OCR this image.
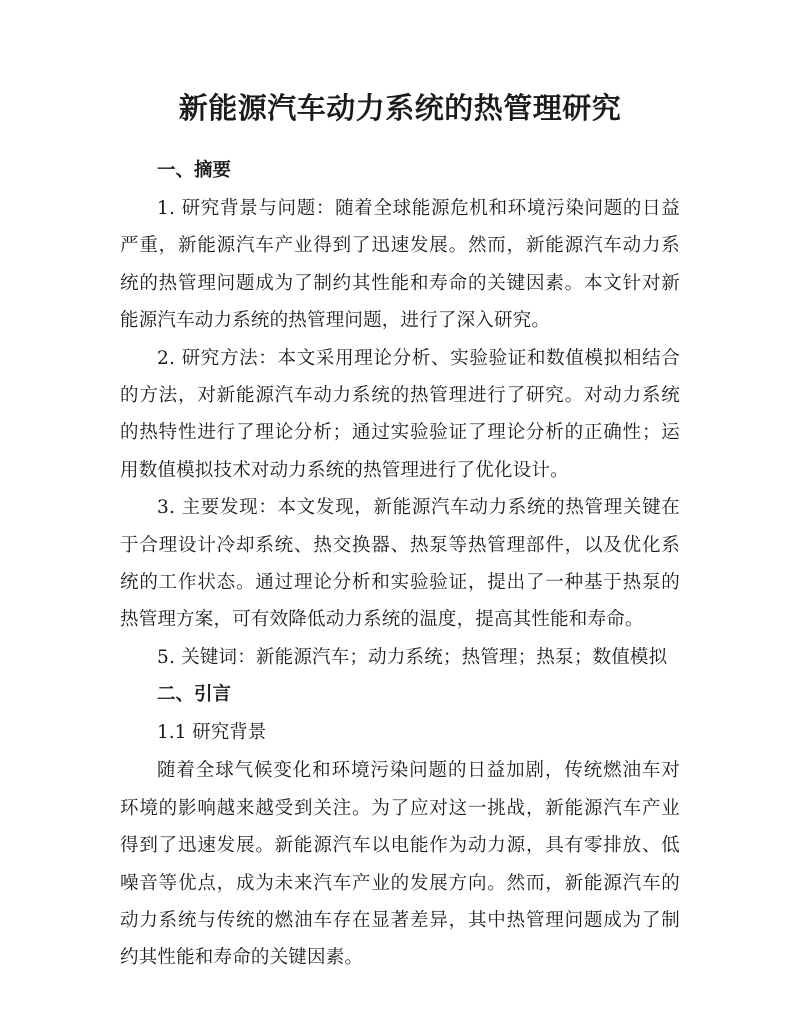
新能源汽车动力系统的热管理研究

一、摘要

1. 研究背景与问题：随着全球能源危机和环境污染问题的日益严重，新能源汽车产业得到了迅速发展。然而，新能源汽车动力系统的热管理问题成为了制约其性能和寿命的关键因素。本文针对新能源汽车动力系统的热管理问题，进行了深入研究。

2. 研究方法：本文采用理论分析、实验验证和数值模拟相结合的方法，对新能源汽车动力系统的热管理进行了研究。对动力系统的热特性进行了理论分析；通过实验验证了理论分析的正确性；运用数值模拟技术对动力系统的热管理进行了优化设计。

3. 主要发现：本文发现，新能源汽车动力系统的热管理关键在于合理设计冷却系统、热交换器、热泵等热管理部件，以及优化系统的工作状态。通过理论分析和实验验证，提出了一种基于热泵的热管理方案，可有效降低动力系统的温度，提高其性能和寿命。

5. 关键词：新能源汽车；动力系统；热管理；热泵；数值模拟

二、引言

1.1 研究背景

随着全球气候变化和环境污染问题的日益加剧，传统燃油车对环境的影响越来越受到关注。为了应对这一挑战，新能源汽车产业得到了迅速发展。新能源汽车以电能作为动力源，具有零排放、低噪音等优点，成为未来汽车产业的发展方向。然而，新能源汽车的动力系统与传统的燃油车存在显著差异，其中热管理问题成为了制约其性能和寿命的关键因素。
